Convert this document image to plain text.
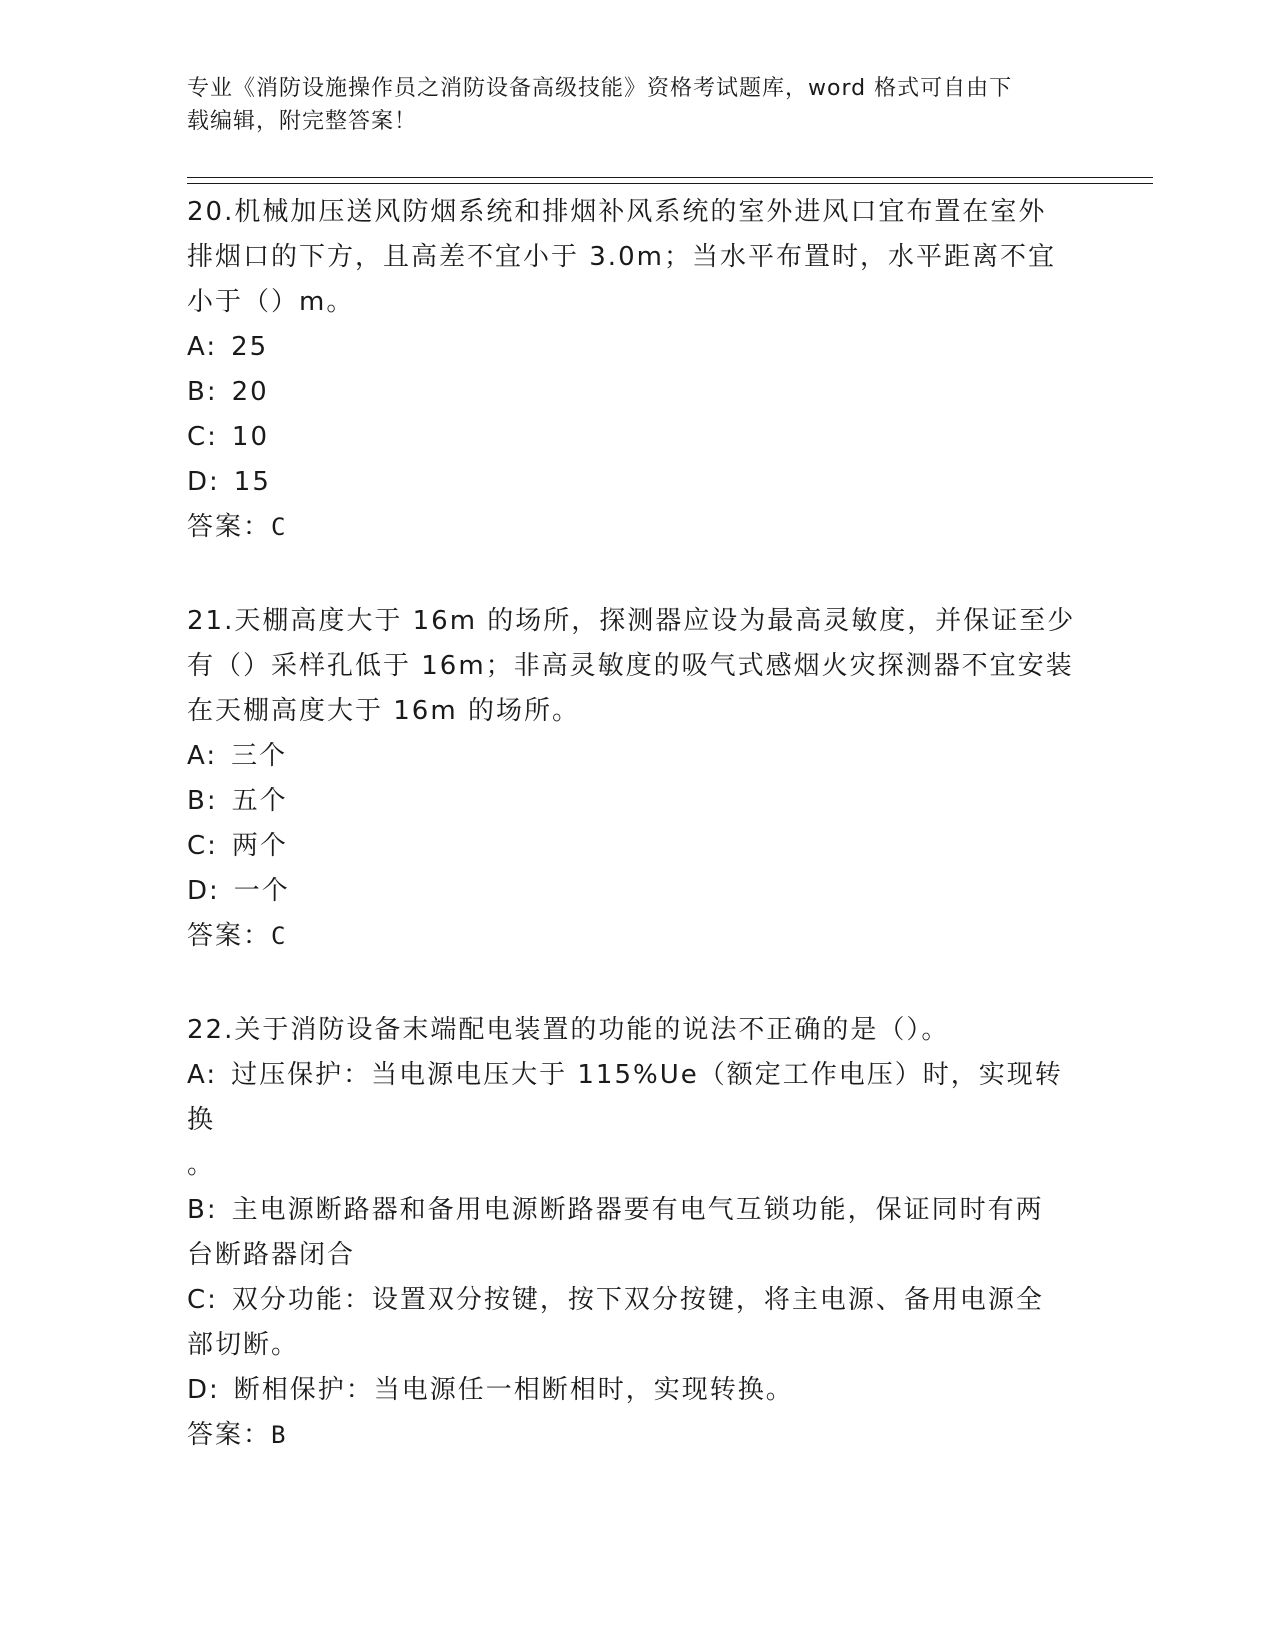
专业《消防设施操作员之消防设备高级技能》资格考试题库，word 格式可自由下
载编辑，附完整答案！

20.机械加压送风防烟系统和排烟补风系统的室外进风口宜布置在室外

排烟口的下方，且高差不宜小于 3.0m；当水平布置时，水平距离不宜

小于（）m。

A: 25

B: 20

C: 10

D: 15

答案：C

21.天棚高度大于 16m 的场所，探测器应设为最高灵敏度，并保证至少

有（）采样孔低于 16m；非高灵敏度的吸气式感烟火灾探测器不宜安装

在天棚高度大于 16m 的场所。

A: 三个

B: 五个

C: 两个

D: 一个

答案：C

22.关于消防设备末端配电装置的功能的说法不正确的是（）。

A: 过压保护：当电源电压大于 115%Ue（额定工作电压）时，实现转换

。

B: 主电源断路器和备用电源断路器要有电气互锁功能，保证同时有两

台断路器闭合

C: 双分功能：设置双分按键，按下双分按键，将主电源、备用电源全

部切断。

D: 断相保护：当电源任一相断相时，实现转换。

答案：B
